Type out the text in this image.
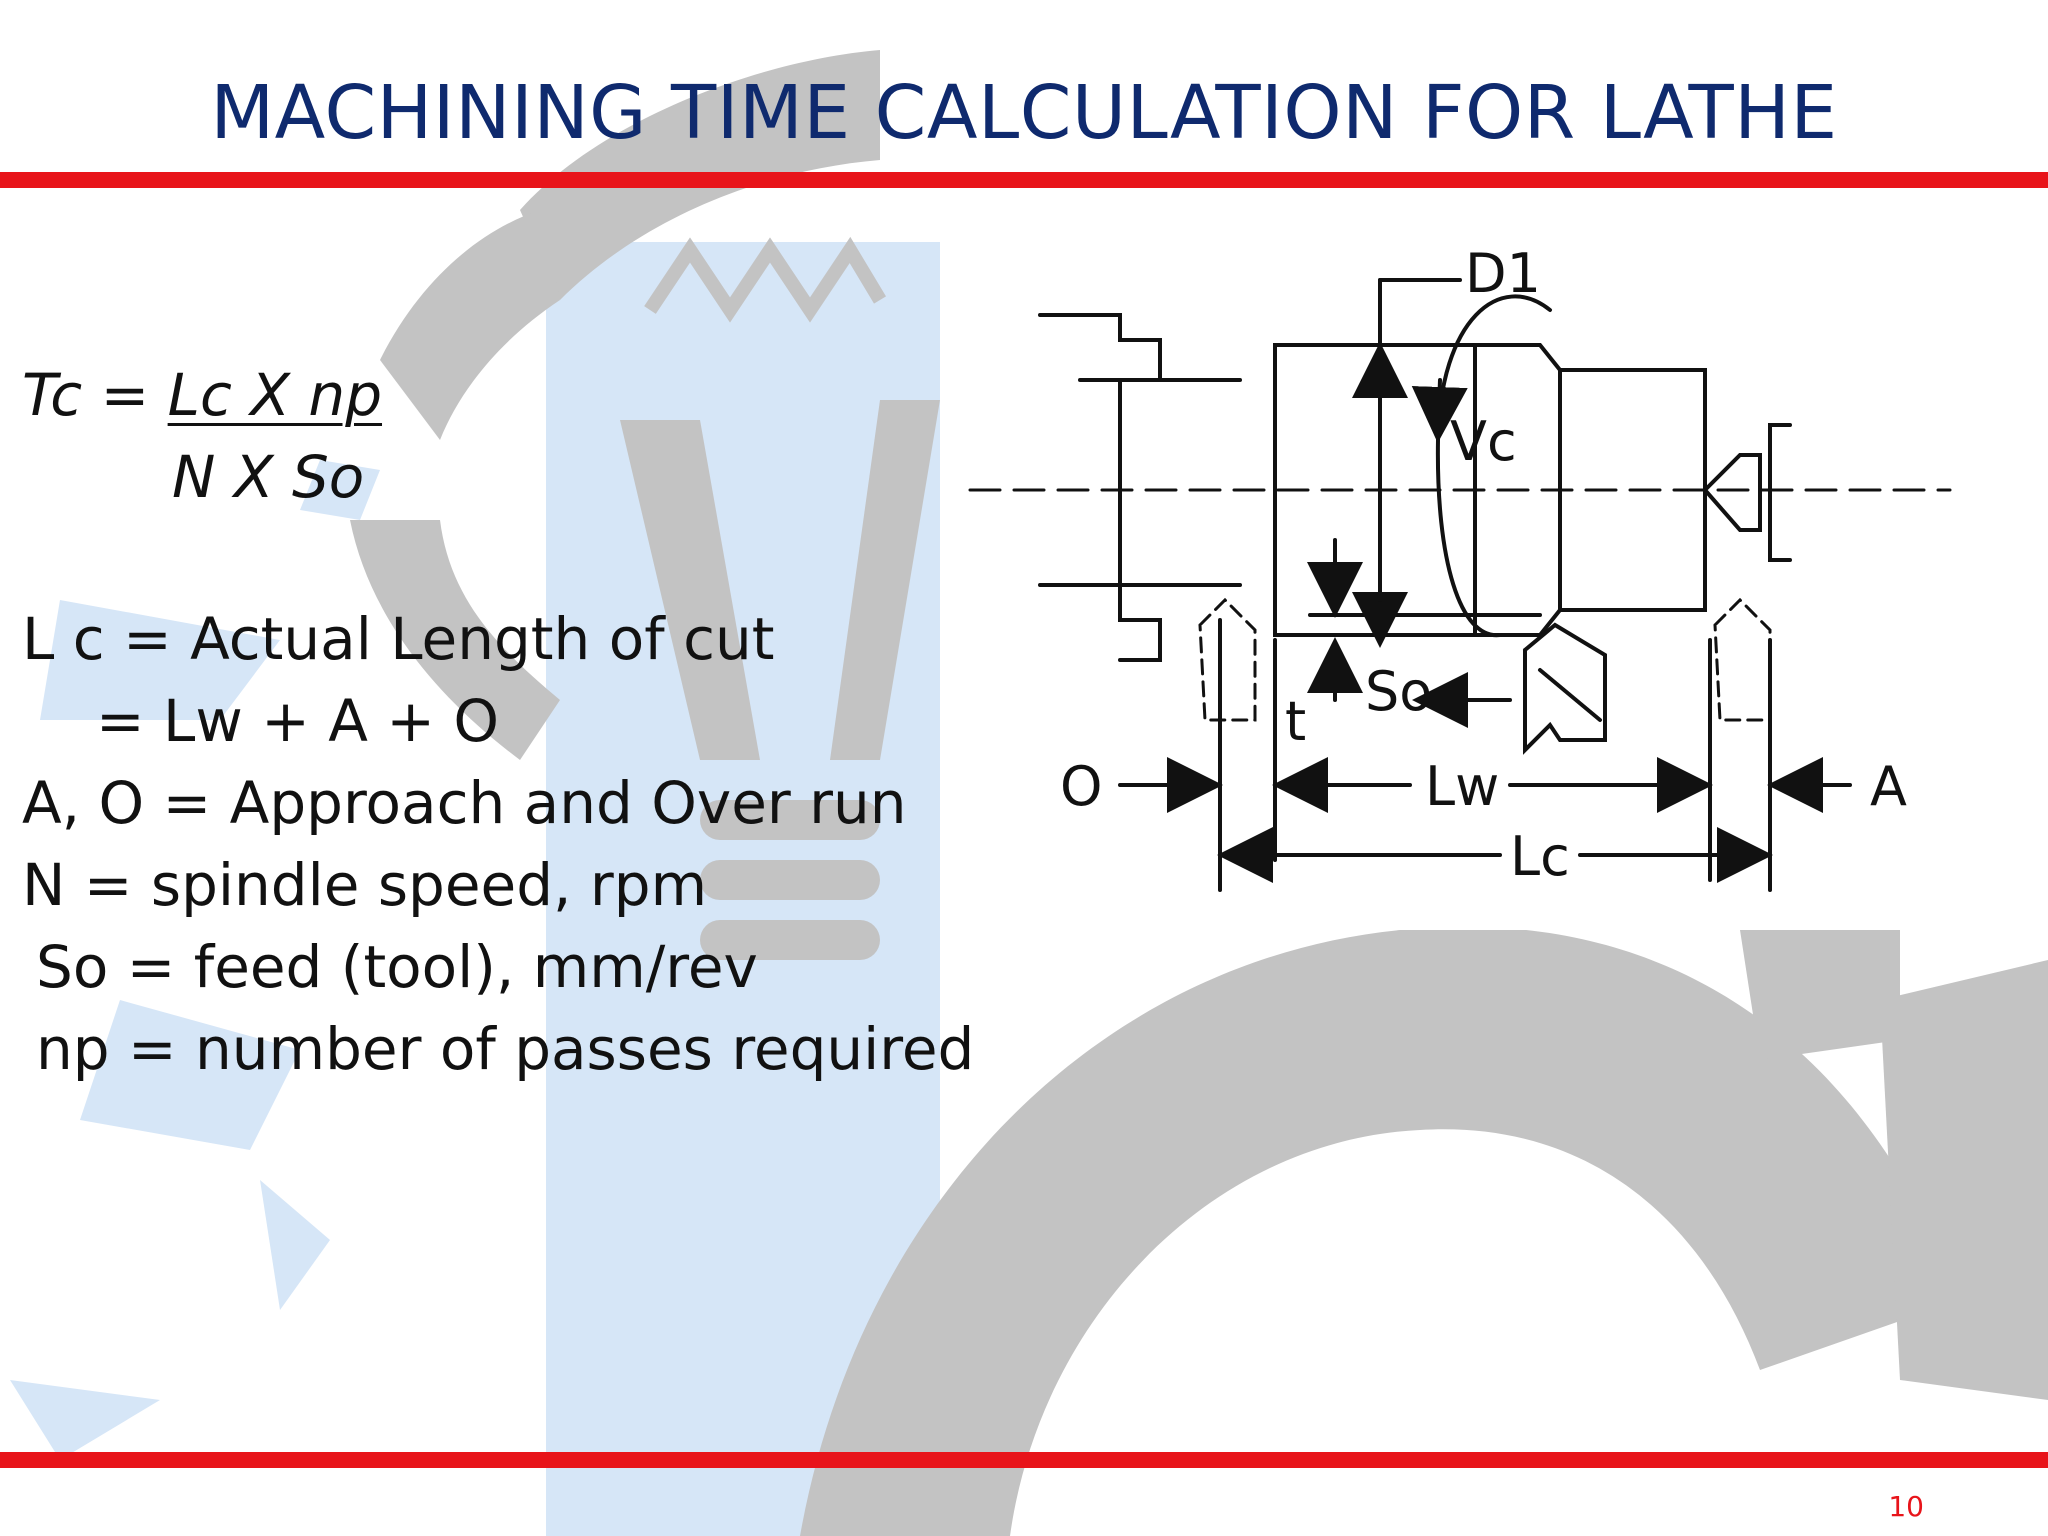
MACHINING TIME CALCULATION FOR LATHE
Tc = Lc X np
N X So
L c = Actual Length of cut
= Lw + A + O
A, O = Approach and Over run
N = spindle speed, rpm
So = feed (tool), mm/rev
np = number of passes required
D1
Vc
So
t
O	Lw	A
Lc
10
